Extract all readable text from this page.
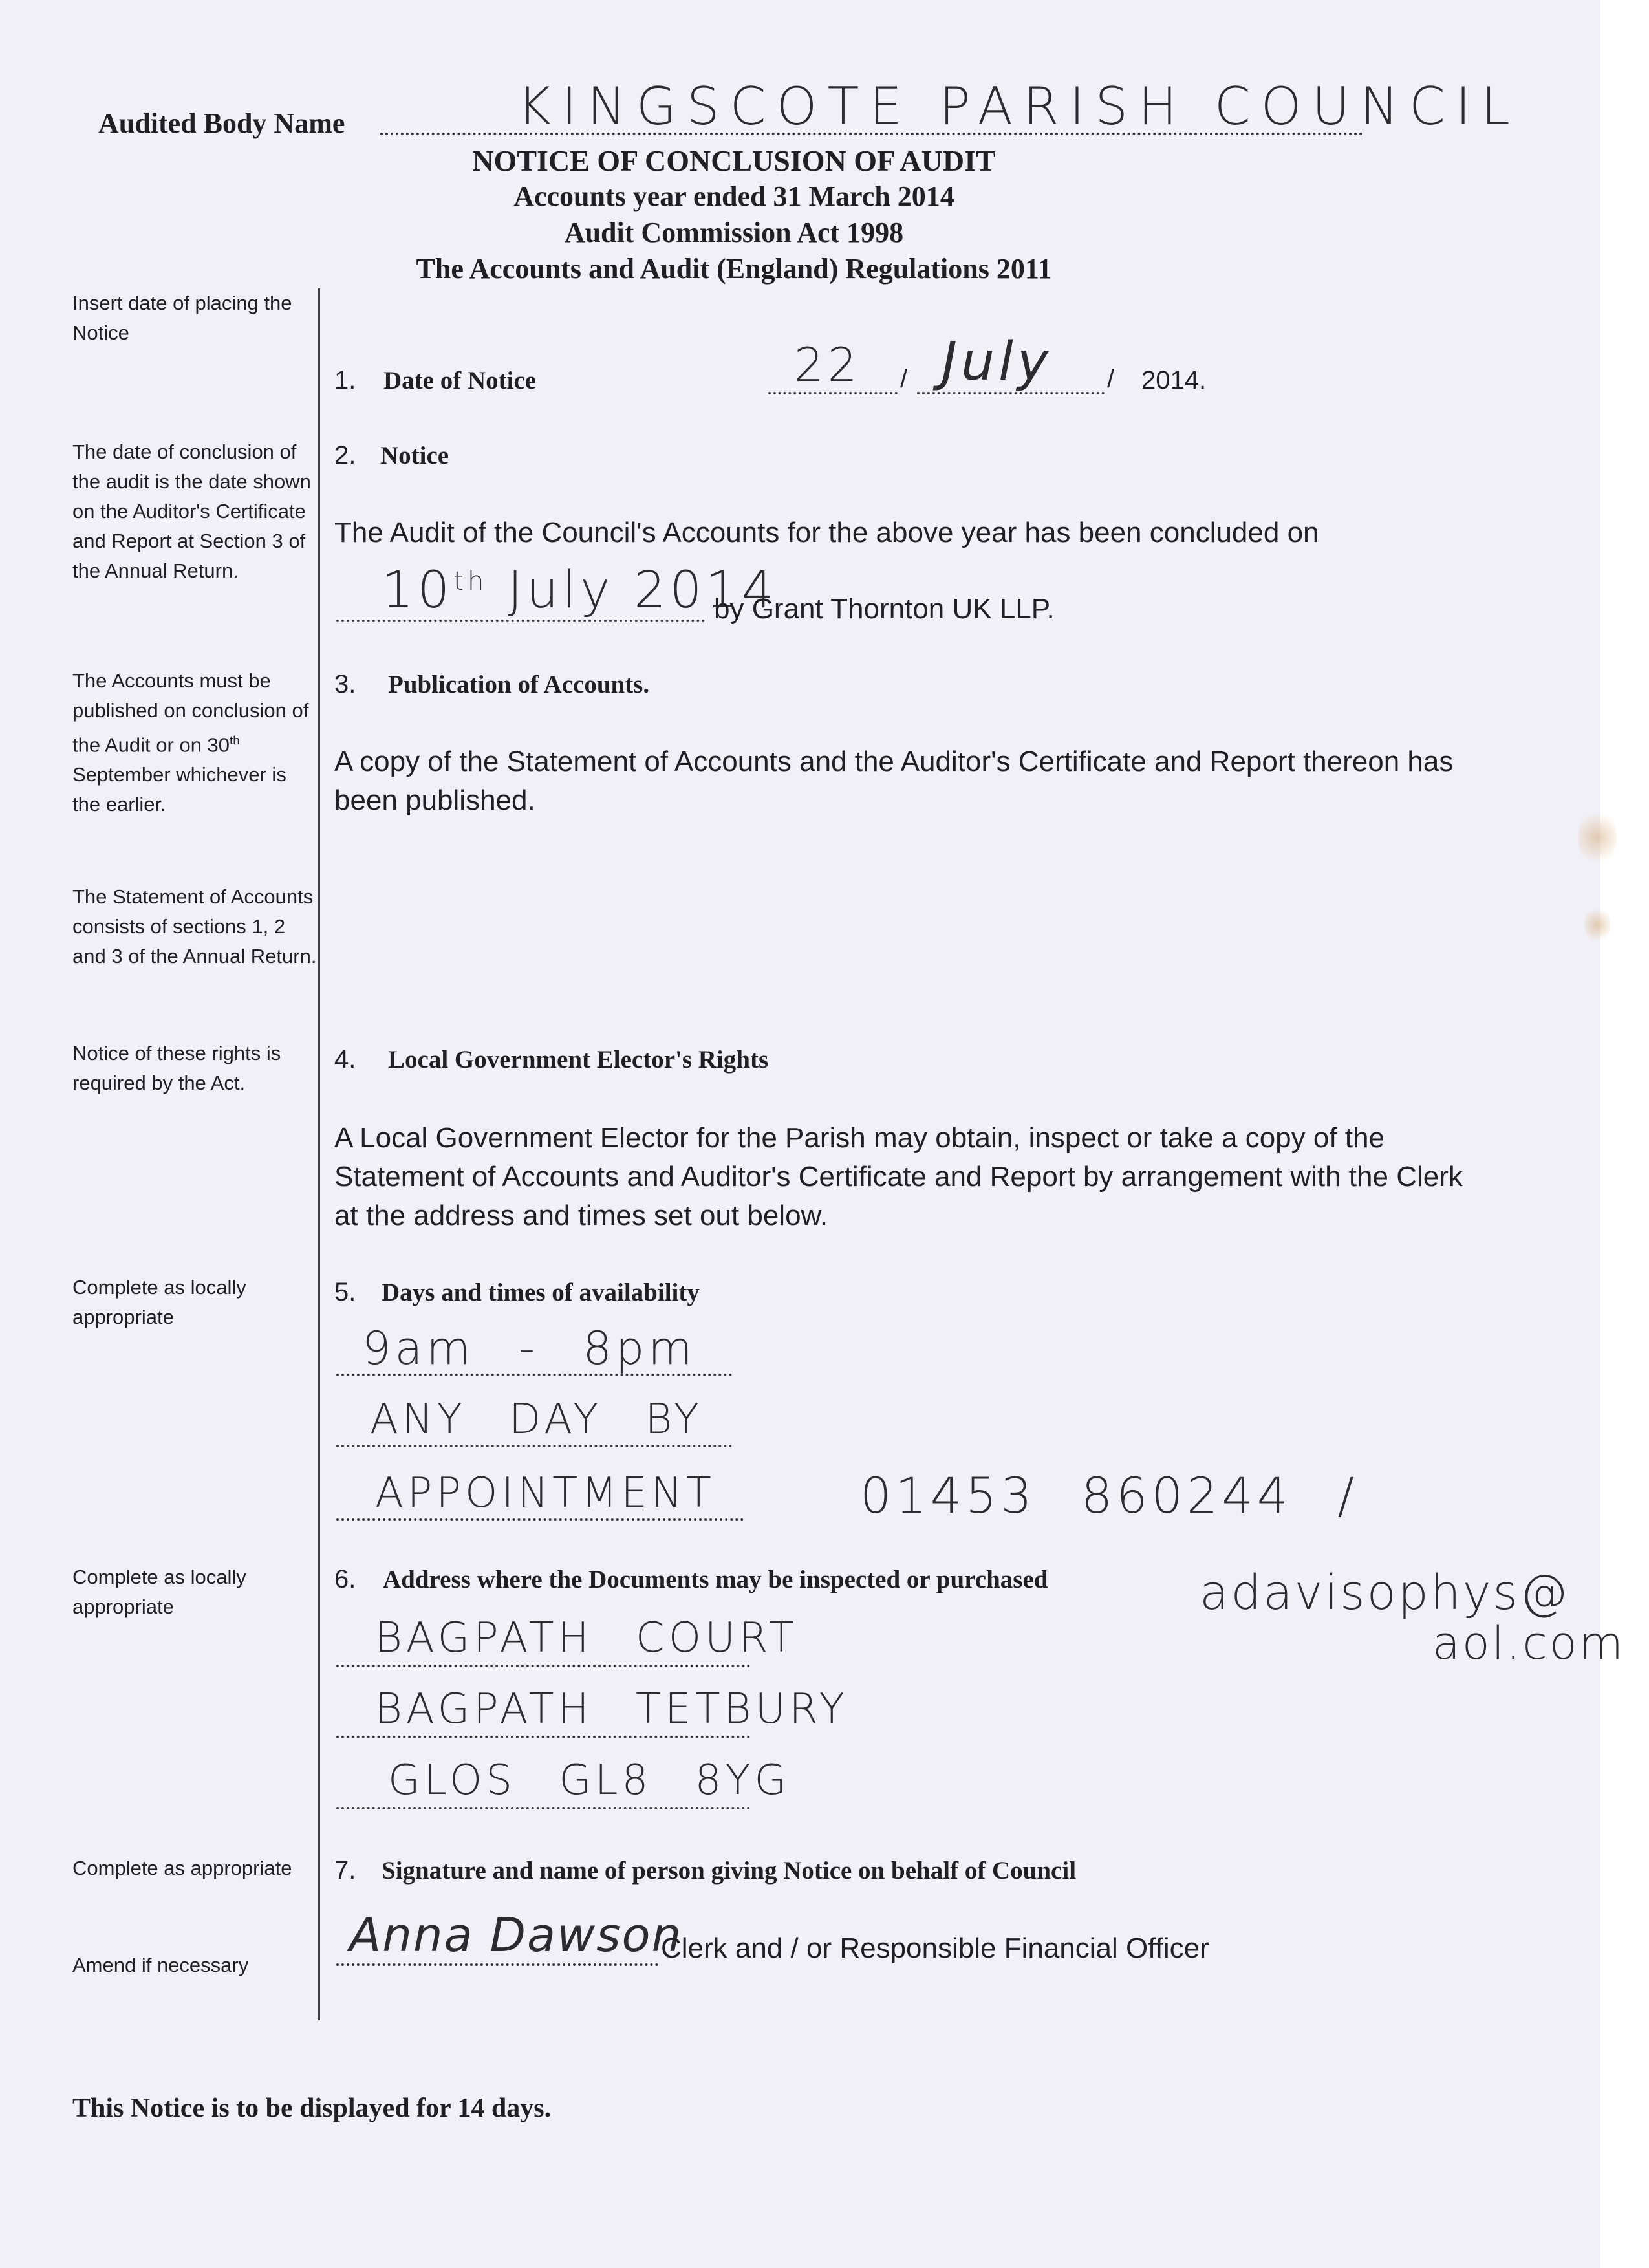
Audited Body Name	KINGSCOTE PARISH COUNCIL
NOTICE OF CONCLUSION OF AUDIT
Accounts year ended 31 March 2014
Audit Commission Act 1998
The Accounts and Audit (England) Regulations 2011
Insert date of placing the Notice
The date of conclusion of the audit is the date shown on the Auditor's Certificate and Report at Section 3 of the Annual Return.
The Accounts must be published on conclusion of the Audit or on 30th September whichever is the earlier.
The Statement of Accounts consists of sections 1, 2 and 3 of the Annual Return.
Notice of these rights is required by the Act.
Complete as locally appropriate
Complete as locally appropriate
Complete as appropriate
Amend if necessary
1. Date of Notice	22 / July / 2014.
2. Notice
The Audit of the Council's Accounts for the above year has been concluded on
10th July 2014
by Grant Thornton UK LLP.
3. Publication of Accounts.
A copy of the Statement of Accounts and the Auditor's Certificate and Report thereon has been published.
4. Local Government Elector's Rights
A Local Government Elector for the Parish may obtain, inspect or take a copy of the Statement of Accounts and Auditor's Certificate and Report by arrangement with the Clerk at the address and times set out below.
5. Days and times of availability
9am - 8pm
ANY DAY BY
APPOINTMENT	01453 860244 /
6. Address where the Documents may be inspected or purchased	adavisophys@
aol.com
BAGPATH COURT
BAGPATH TETBURY
GLOS GL8 8YG
7. Signature and name of person giving Notice on behalf of Council
Anna Dawson
Clerk and / or Responsible Financial Officer
This Notice is to be displayed for 14 days.
